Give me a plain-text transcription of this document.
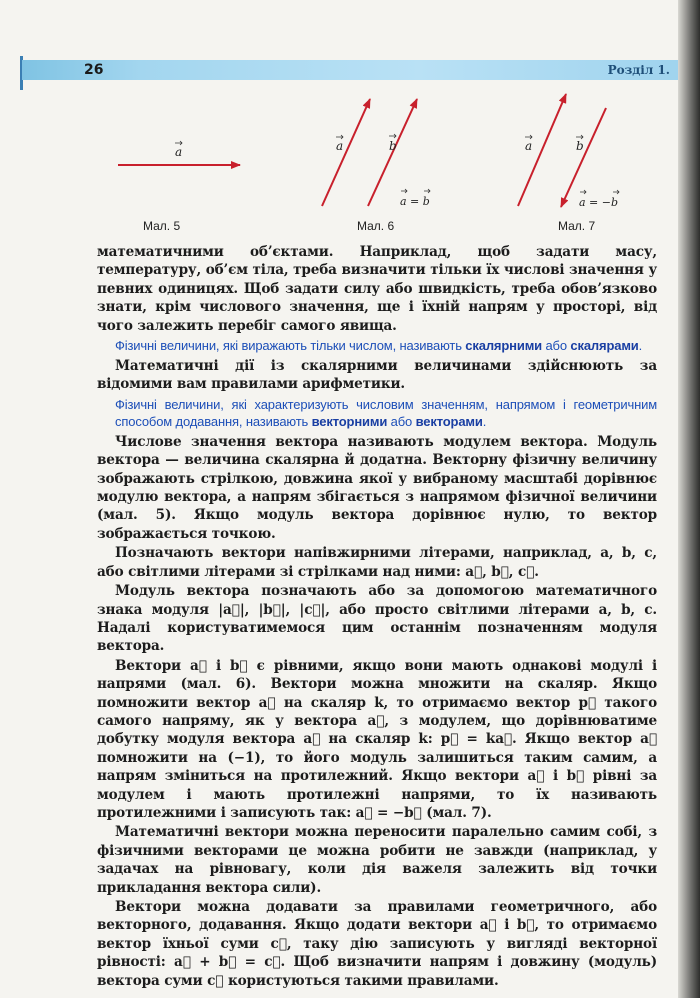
26	Розділ 1.
a	a	b
a = b
a	b
a = −b
Мал. 5	Мал. 6	Мал. 7

математичними об’єктами. Наприклад, щоб задати масу, температуру, об’єм тіла, треба визначити тільки їх числові значення у певних одиницях. Щоб задати силу або швидкість, треба обов’язково знати, крім числового значення, ще і їхній напрям у просторі, від чого залежить перебіг самого явища.

Фізичні величини, які виражають тільки числом, називають скалярними або скалярами.

Математичні дії із скалярними величинами здійснюють за відомими вам правилами арифметики.

Фізичні величини, які характеризують числовим значенням, напрямом і геометричним способом додавання, називають векторними або векторами.

Числове значення вектора називають модулем вектора. Модуль вектора — величина скалярна й додатна. Векторну фізичну величину зображають стрілкою, довжина якої у вибраному масштабі дорівнює модулю вектора, а напрям збігається з напрямом фізичної величини (мал. 5). Якщо модуль вектора дорівнює нулю, то вектор зображається точкою.

Позначають вектори напівжирними літерами, наприклад, a, b, c, або світлими літерами зі стрілками над ними: a⃗, b⃗, c⃗.

Модуль вектора позначають або за допомогою математичного знака модуля |a⃗|, |b⃗|, |c⃗|, або просто світлими літерами a, b, c. Надалі користуватимемося цим останнім позначенням модуля вектора.

Вектори a⃗ і b⃗ є рівними, якщо вони мають однакові модулі і напрями (мал. 6). Вектори можна множити на скаляр. Якщо помножити вектор a⃗ на скаляр k, то отримаємо вектор p⃗ такого самого напряму, як у вектора a⃗, з модулем, що дорівнюватиме добутку модуля вектора a⃗ на скаляр k: p⃗ = ka⃗. Якщо вектор a⃗ помножити на (−1), то його модуль залишиться таким самим, а напрям зміниться на протилежний. Якщо вектори a⃗ і b⃗ рівні за модулем і мають протилежні напрями, то їх називають протилежними і записують так: a⃗ = −b⃗ (мал. 7).

Математичні вектори можна переносити паралельно самим собі, з фізичними векторами це можна робити не завжди (наприклад, у задачах на рівновагу, коли дія важеля залежить від точки прикладання вектора сили).

Вектори можна додавати за правилами геометричного, або векторного, додавання. Якщо додати вектори a⃗ і b⃗, то отримаємо вектор їхньої суми c⃗, таку дію записують у вигляді векторної рівності: a⃗ + b⃗ = c⃗. Щоб визначити напрям і довжину (модуль) вектора суми c⃗ користуються такими правилами.
